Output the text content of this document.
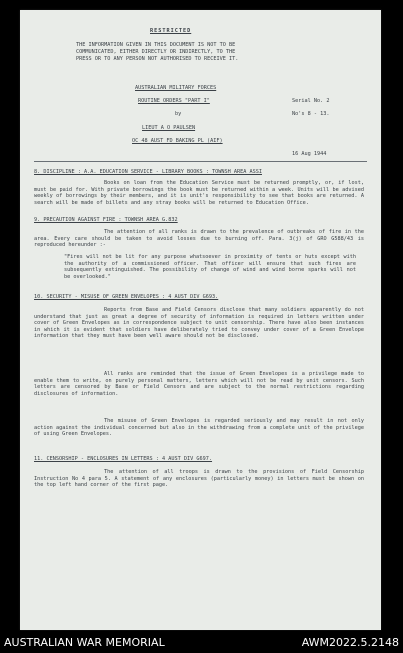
RESTRICTED
THE INFORMATION GIVEN IN THIS DOCUMENT IS NOT TO BE
COMMUNICATED, EITHER DIRECTLY OR INDIRECTLY, TO THE
PRESS OR TO ANY PERSON NOT AUTHORISED TO RECEIVE IT.
AUSTRALIAN MILITARY FORCES
ROUTINE ORDERS "PART I"	Serial No. 2
by	No's 8 - 13.
LIEUT A O PAULSEN
OC 48 AUST FD BAKING PL (AIF)
16 Aug 1944
8. DISCIPLINE : A.A. EDUCATION SERVICE - LIBRARY BOOKS : TOWNSH AREA ASSI
Books on loan from the Education Service must be returned promptly, or, if lost, must be paid for. With private borrowings the book must be returned within a week. Units will be advised weekly of borrowings by their members, and it is unit's responsibility to see that books are returned. A search will be made of billets and any stray books will be returned to Education Office.
9. PRECAUTION AGAINST FIRE : TOWNSH AREA G.832
The attention of all ranks is drawn to the prevalence of outbreaks of fire in the area. Every care should be taken to avoid losses due to burning off. Para. 3(j) of GRO G588/43 is reproduced hereunder :-
"Fires will not be lit for any purpose whatsoever in proximity of tents or huts except with the authority of a commissioned officer. That officer will ensure that such fires are subsequently extinguished. The possibility of change of wind and wind borne sparks will not be overlooked."
10. SECURITY - MISUSE OF GREEN ENVELOPES : 4 AUST DIV G693.
Reports from Base and Field Censors disclose that many soldiers apparently do not understand that just as great a degree of security of information is required in letters written under cover of Green Envelopes as in correspondence subject to unit censorship. There have also been instances in which it is evident that soldiers have deliberately tried to convey under cover of a Green Envelope information that they must have been well aware should not be disclosed.
All ranks are reminded that the issue of Green Envelopes is a privilege made to enable them to write, on purely personal matters, letters which will not be read by unit censors. Such letters are censored by Base or Field Censors and are subject to the normal restrictions regarding disclosures of information.
The misuse of Green Envelopes is regarded seriously and may result in not only action against the individual concerned but also in the withdrawing from a complete unit of the privilege of using Green Envelopes.
11. CENSORSHIP - ENCLOSURES IN LETTERS : 4 AUST DIV G697.
The attention of all troops is drawn to the provisions of Field Censorship Instruction No 4 para 5. A statement of any enclosures (particularly money) in letters must be shown on the top left hand corner of the first page.
AUSTRALIAN WAR MEMORIAL	AWM2022.5.2148
